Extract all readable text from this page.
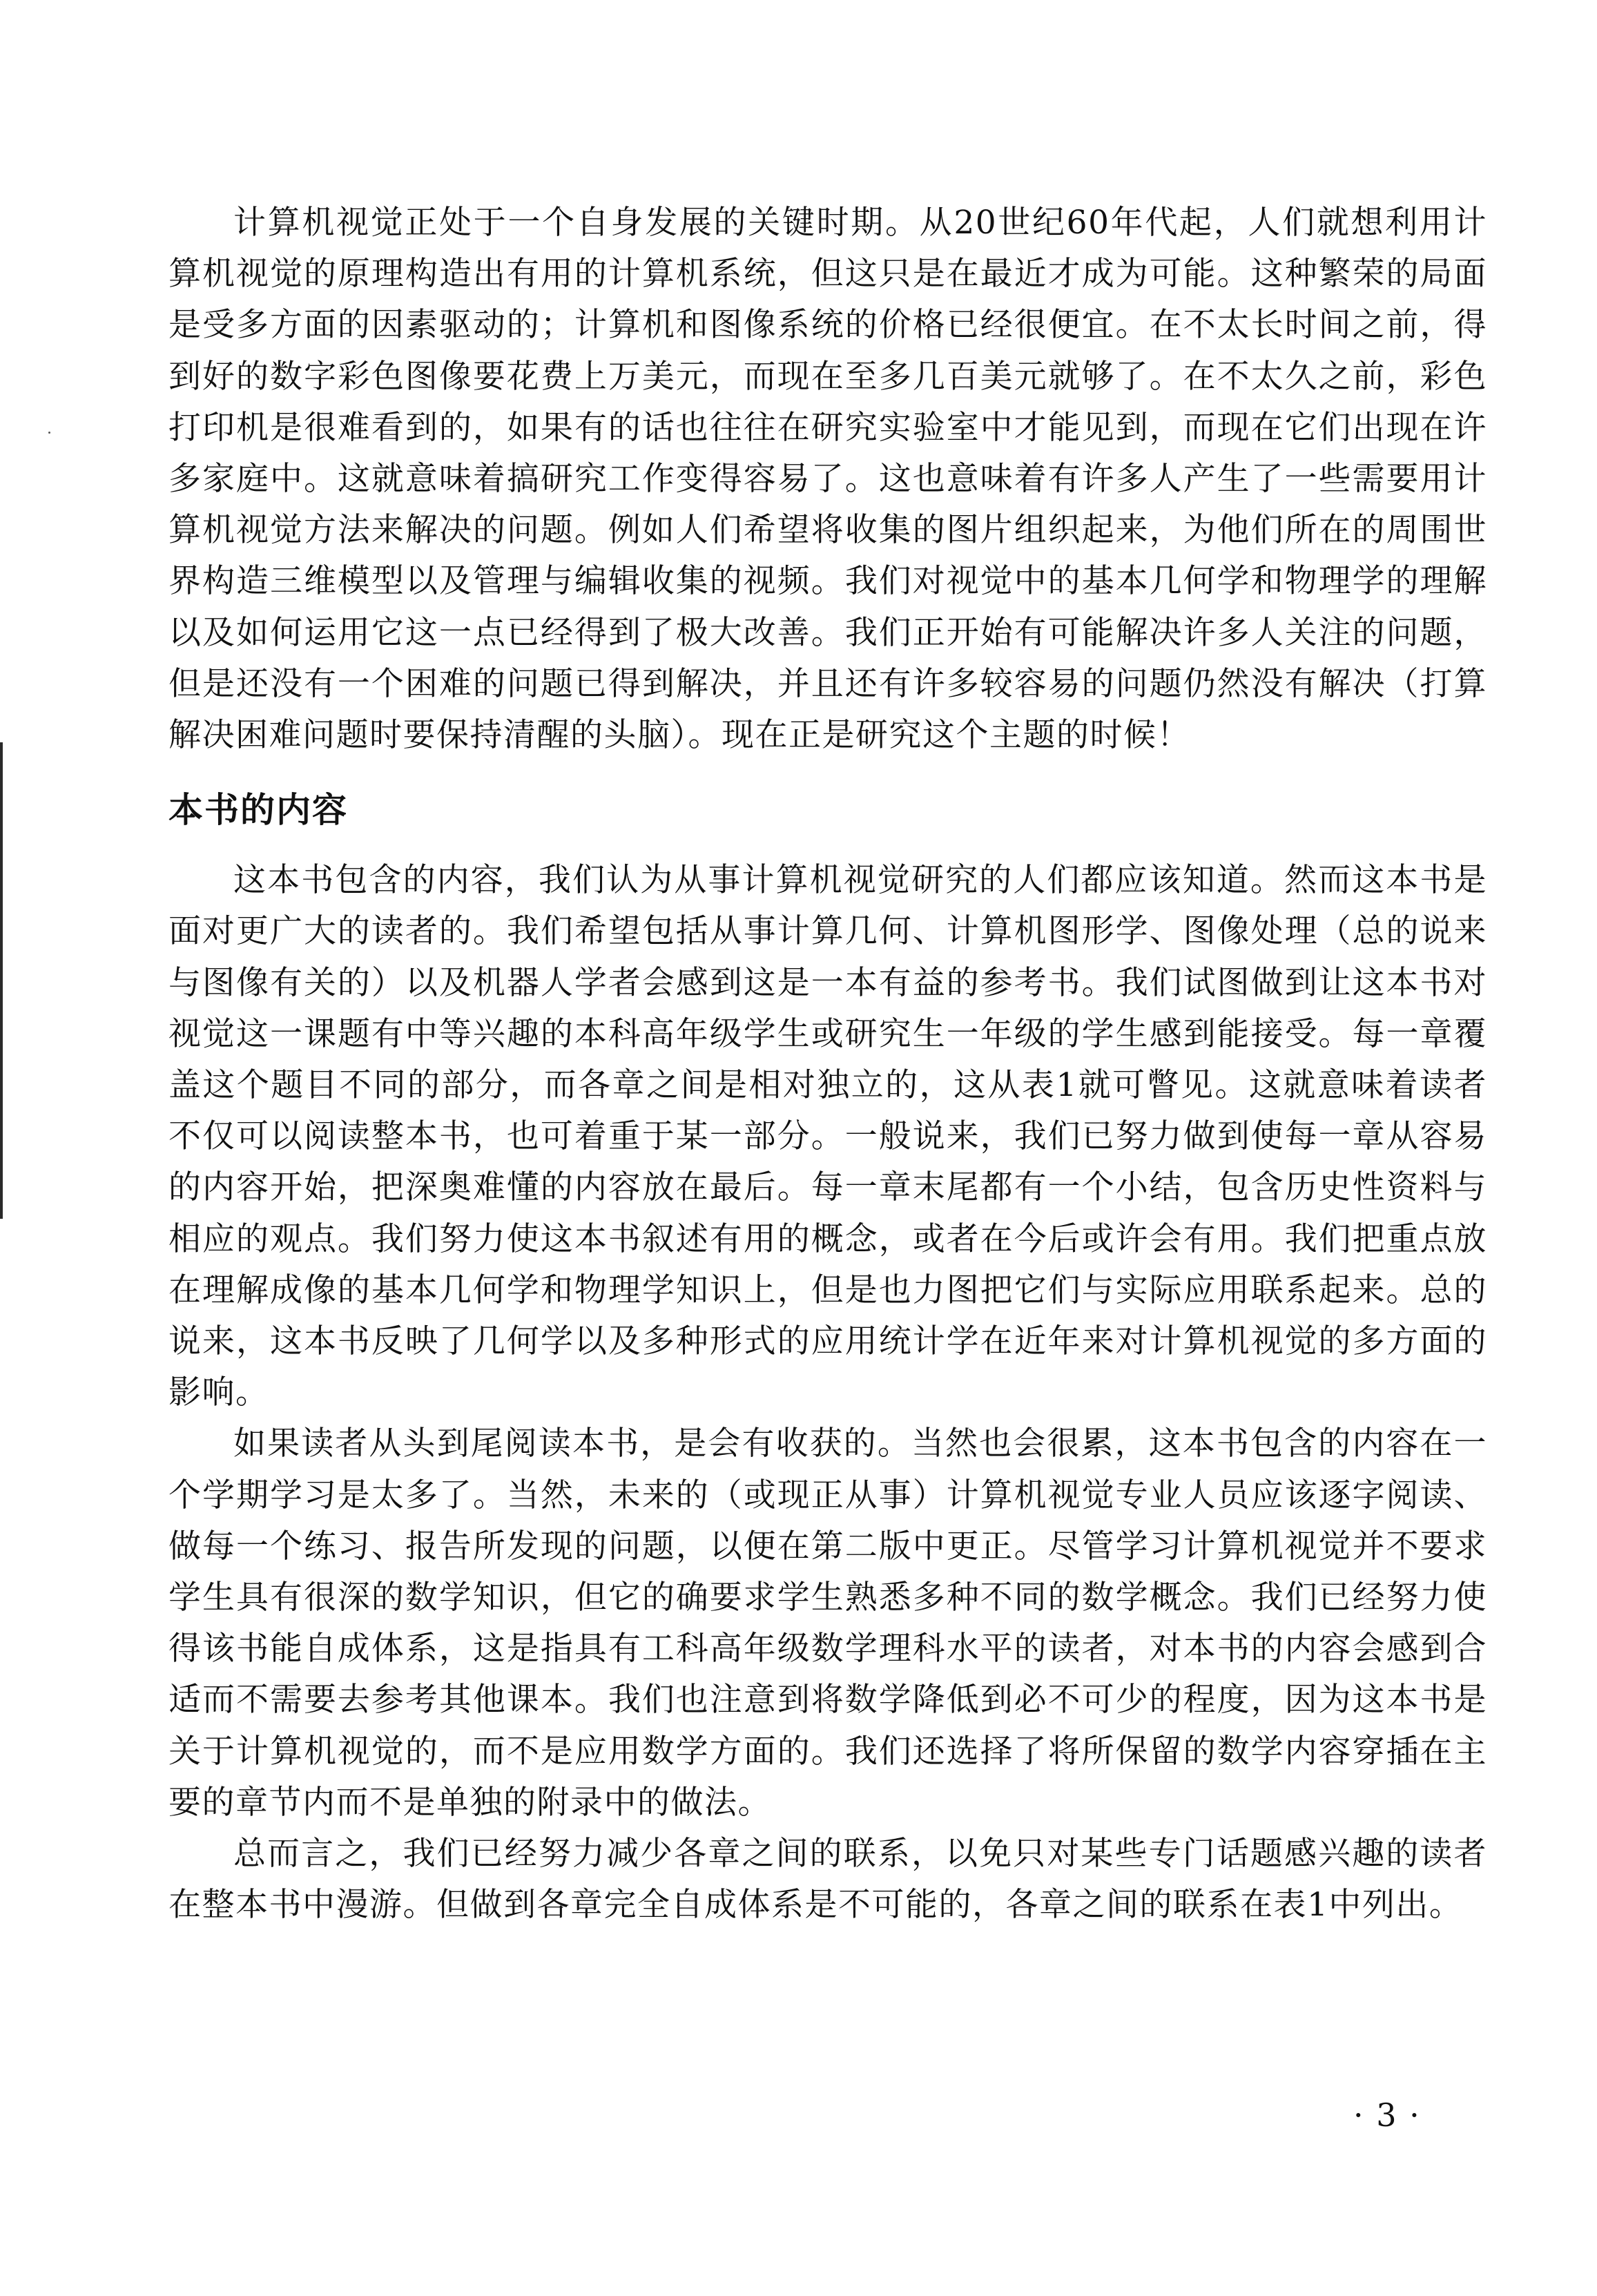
计算机视觉正处于一个自身发展的关键时期。从20世纪60年代起，人们就想利用计算机视觉的原理构造出有用的计算机系统，但这只是在最近才成为可能。这种繁荣的局面是受多方面的因素驱动的；计算机和图像系统的价格已经很便宜。在不太长时间之前，得到好的数字彩色图像要花费上万美元，而现在至多几百美元就够了。在不太久之前，彩色打印机是很难看到的，如果有的话也往往在研究实验室中才能见到，而现在它们出现在许多家庭中。这就意味着搞研究工作变得容易了。这也意味着有许多人产生了一些需要用计算机视觉方法来解决的问题。例如人们希望将收集的图片组织起来，为他们所在的周围世界构造三维模型以及管理与编辑收集的视频。我们对视觉中的基本几何学和物理学的理解以及如何运用它这一点已经得到了极大改善。我们正开始有可能解决许多人关注的问题，但是还没有一个困难的问题已得到解决，并且还有许多较容易的问题仍然没有解决（打算解决困难问题时要保持清醒的头脑）。现在正是研究这个主题的时候！

本书的内容

这本书包含的内容，我们认为从事计算机视觉研究的人们都应该知道。然而这本书是面对更广大的读者的。我们希望包括从事计算几何、计算机图形学、图像处理（总的说来与图像有关的）以及机器人学者会感到这是一本有益的参考书。我们试图做到让这本书对视觉这一课题有中等兴趣的本科高年级学生或研究生一年级的学生感到能接受。每一章覆盖这个题目不同的部分，而各章之间是相对独立的，这从表1就可瞥见。这就意味着读者不仅可以阅读整本书，也可着重于某一部分。一般说来，我们已努力做到使每一章从容易的内容开始，把深奥难懂的内容放在最后。每一章末尾都有一个小结，包含历史性资料与相应的观点。我们努力使这本书叙述有用的概念，或者在今后或许会有用。我们把重点放在理解成像的基本几何学和物理学知识上，但是也力图把它们与实际应用联系起来。总的说来，这本书反映了几何学以及多种形式的应用统计学在近年来对计算机视觉的多方面的影响。

如果读者从头到尾阅读本书，是会有收获的。当然也会很累，这本书包含的内容在一个学期学习是太多了。当然，未来的（或现正从事）计算机视觉专业人员应该逐字阅读、做每一个练习、报告所发现的问题，以便在第二版中更正。尽管学习计算机视觉并不要求学生具有很深的数学知识，但它的确要求学生熟悉多种不同的数学概念。我们已经努力使得该书能自成体系，这是指具有工科高年级数学理科水平的读者，对本书的内容会感到合适而不需要去参考其他课本。我们也注意到将数学降低到必不可少的程度，因为这本书是关于计算机视觉的，而不是应用数学方面的。我们还选择了将所保留的数学内容穿插在主要的章节内而不是单独的附录中的做法。

总而言之，我们已经努力减少各章之间的联系，以免只对某些专门话题感兴趣的读者在整本书中漫游。但做到各章完全自成体系是不可能的，各章之间的联系在表1中列出。

· 3 ·
